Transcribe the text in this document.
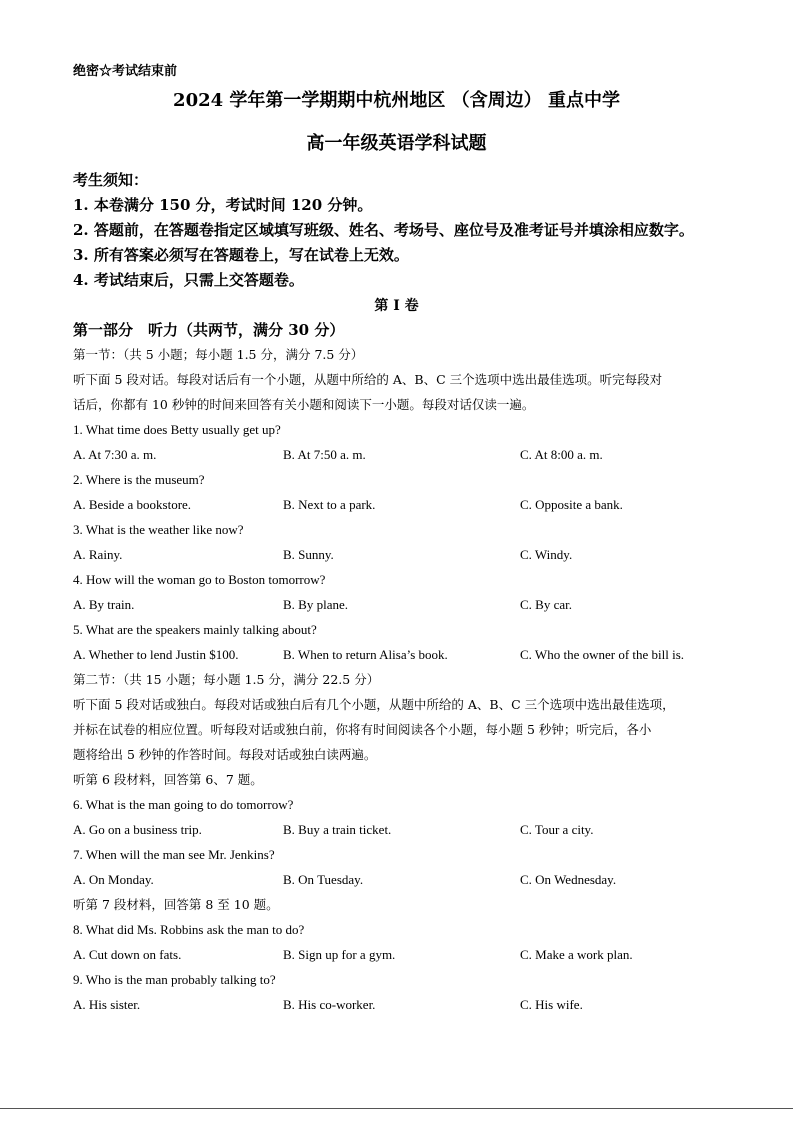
绝密☆考试结束前
2024 学年第一学期期中杭州地区 （含周边） 重点中学
高一年级英语学科试题
考生须知：
1. 本卷满分 150 分，考试时间 120 分钟。
2. 答题前，在答题卷指定区域填写班级、姓名、考场号、座位号及准考证号并填涂相应数字。
3. 所有答案必须写在答题卷上，写在试卷上无效。
4. 考试结束后，只需上交答题卷。
第 I 卷
第一部分　听力（共两节，满分 30 分）
第一节：（共 5 小题；每小题 1.5 分，满分 7.5 分）
听下面 5 段对话。每段对话后有一个小题，从题中所给的 A、B、C 三个选项中选出最佳选项。听完每段对
话后，你都有 10 秒钟的时间来回答有关小题和阅读下一小题。每段对话仅读一遍。
1. What time does Betty usually get up?
A. At 7:30 a. m.	B. At 7:50 a. m.	C. At 8:00 a. m.
2. Where is the museum?
A. Beside a bookstore.	B. Next to a park.	C. Opposite a bank.
3. What is the weather like now?
A. Rainy.	B. Sunny.	C. Windy.
4. How will the woman go to Boston tomorrow?
A. By train.	B. By plane.	C. By car.
5. What are the speakers mainly talking about?
A. Whether to lend Justin $100.	B. When to return Alisa’s book.	C. Who the owner of the bill is.
第二节：（共 15 小题；每小题 1.5 分，满分 22.5 分）
听下面 5 段对话或独白。每段对话或独白后有几个小题，从题中所给的 A、B、C 三个选项中选出最佳选项，
并标在试卷的相应位置。听每段对话或独白前，你将有时间阅读各个小题，每小题 5 秒钟；听完后，各小
题将给出 5 秒钟的作答时间。每段对话或独白读两遍。
听第 6 段材料，回答第 6、7 题。
6. What is the man going to do tomorrow?
A. Go on a business trip.	B. Buy a train ticket.	C. Tour a city.
7. When will the man see Mr. Jenkins?
A. On Monday.	B. On Tuesday.	C. On Wednesday.
听第 7 段材料，回答第 8 至 10 题。
8. What did Ms. Robbins ask the man to do?
A. Cut down on fats.	B. Sign up for a gym.	C. Make a work plan.
9. Who is the man probably talking to?
A. His sister.	B. His co-worker.	C. His wife.
